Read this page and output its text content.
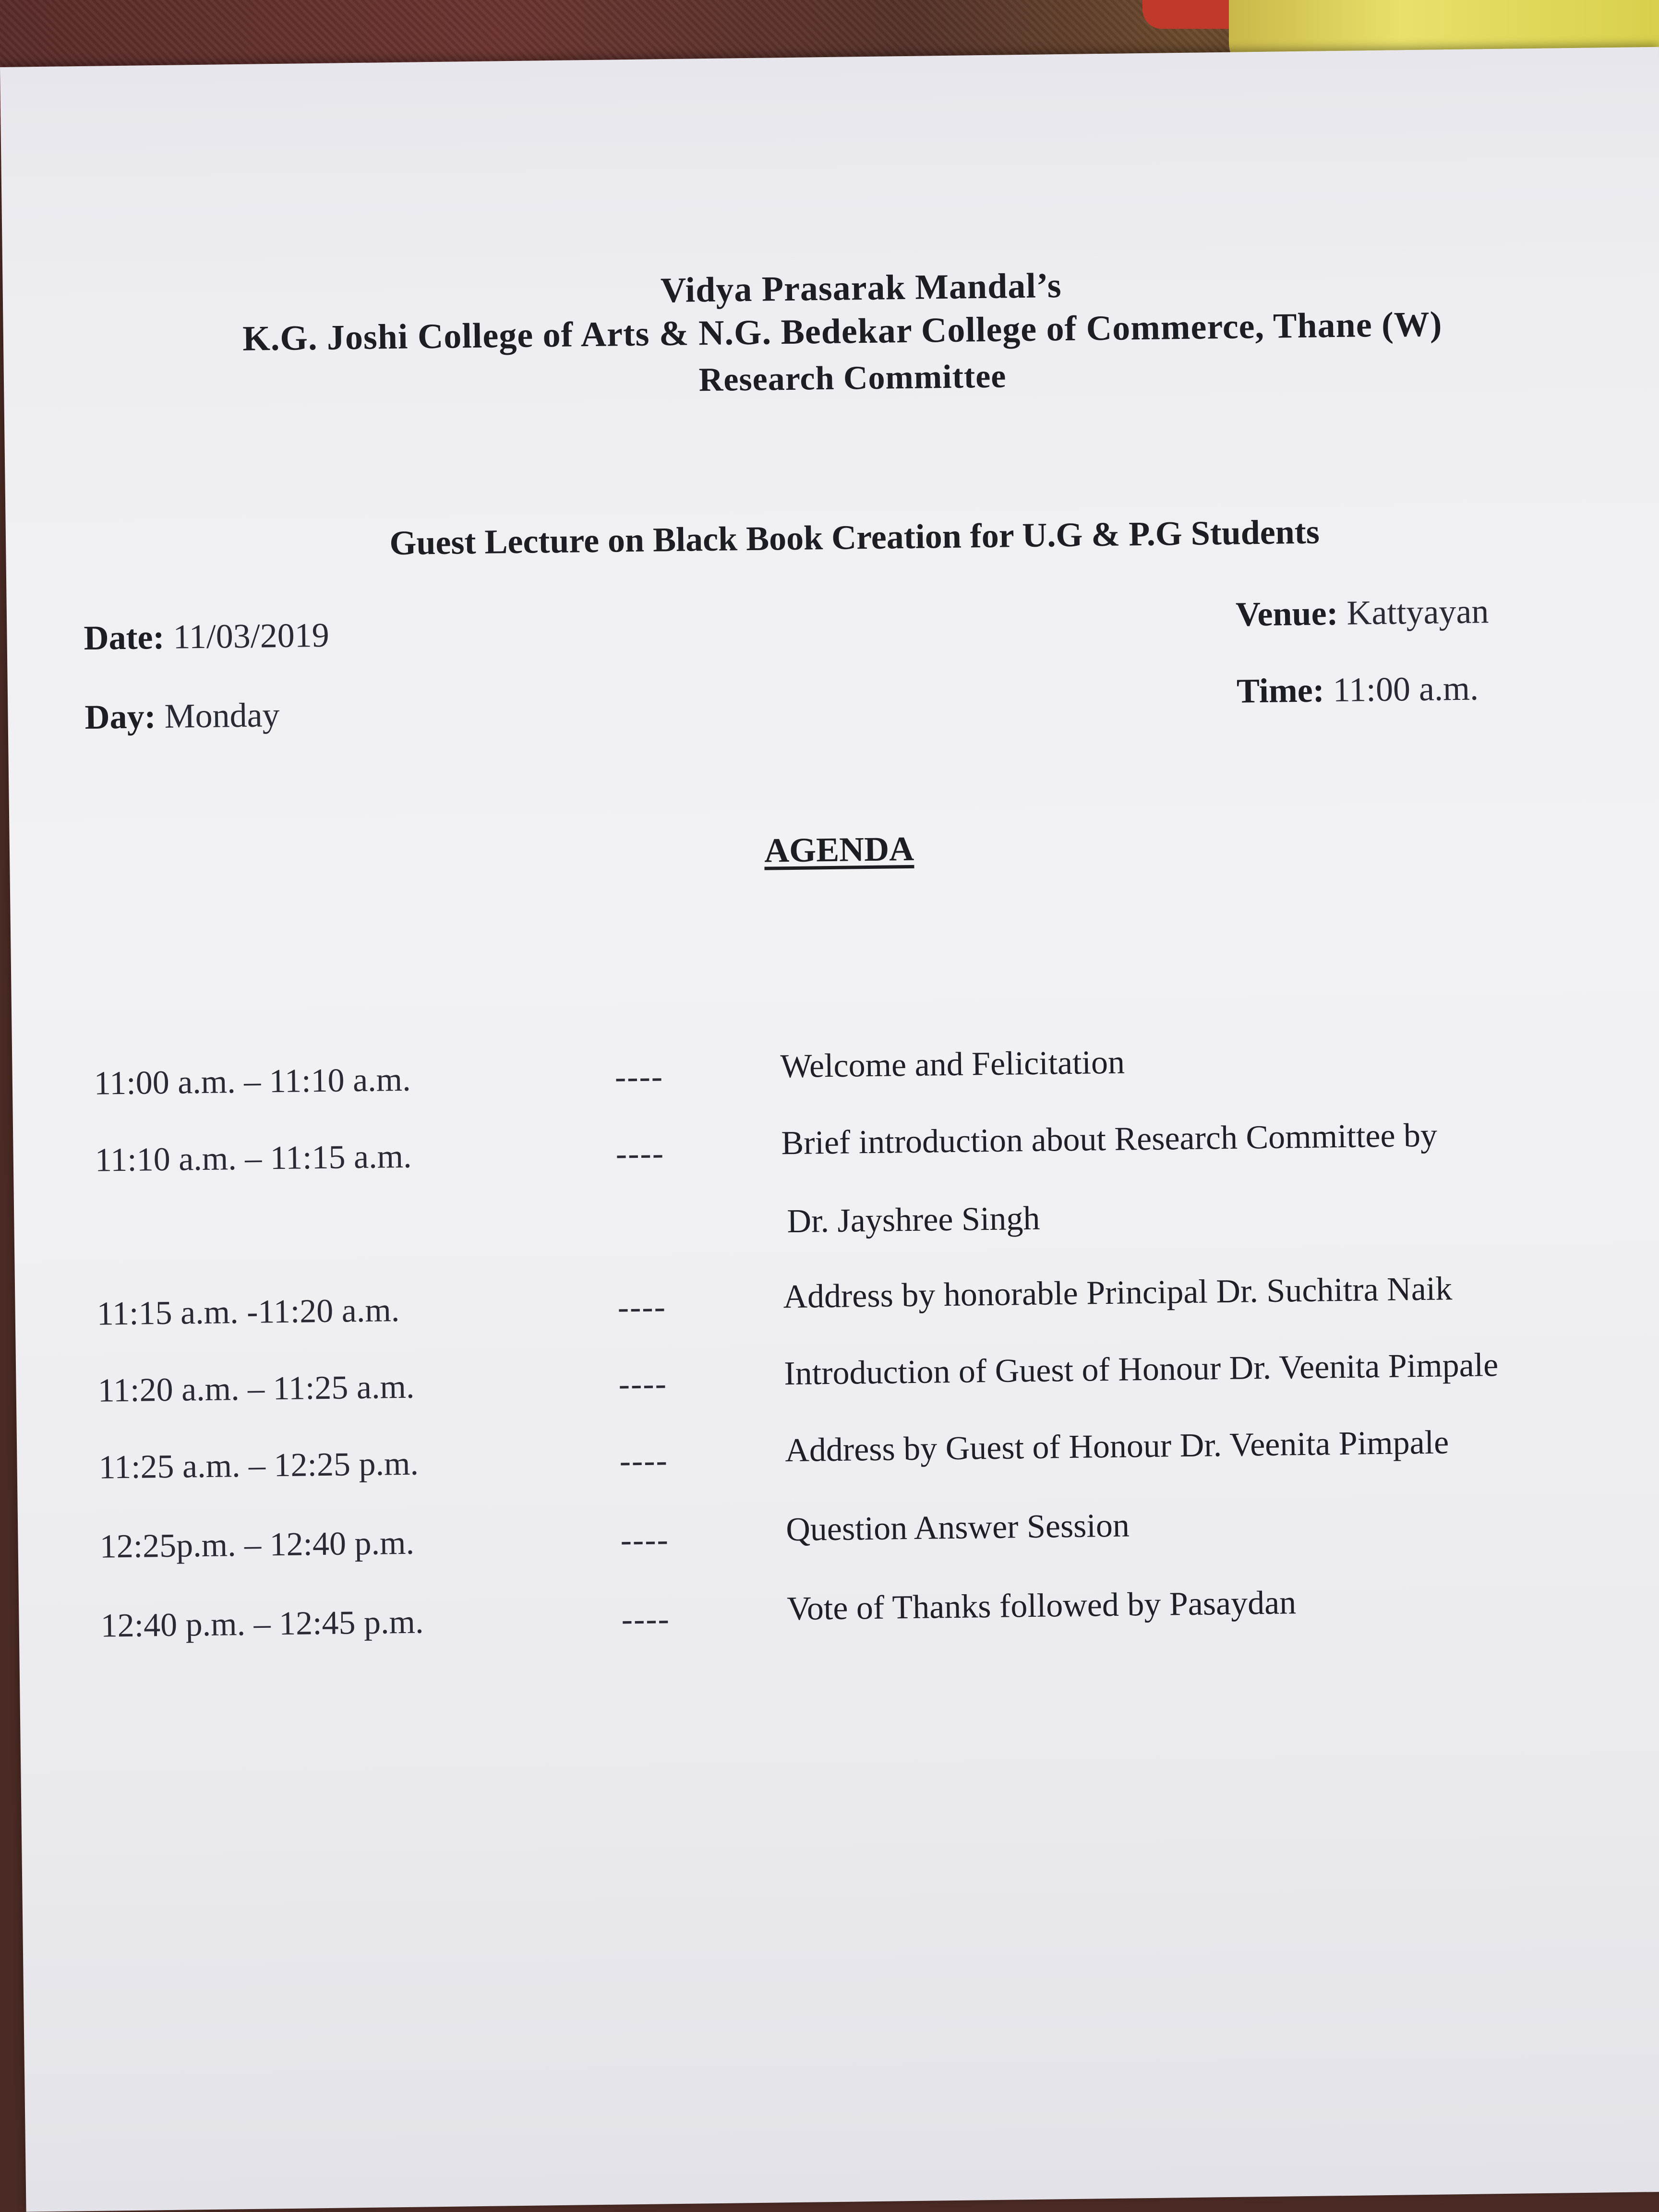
Vidya Prasarak Mandal’s
K.G. Joshi College of Arts & N.G. Bedekar College of Commerce, Thane (W)
Research Committee
Guest Lecture on Black Book Creation for U.G & P.G Students
Date: 11/03/2019
Day: Monday
Venue: Kattyayan
Time: 11:00 a.m.
AGENDA
11:00 a.m. – 11:10 a.m.	----	Welcome and Felicitation
11:10 a.m. – 11:15 a.m.	----	Brief introduction about Research Committee by
Dr. Jayshree Singh
11:15 a.m. -11:20 a.m.	----	Address by honorable Principal Dr. Suchitra Naik
11:20 a.m. – 11:25 a.m.	----	Introduction of Guest of Honour Dr. Veenita Pimpale
11:25 a.m. – 12:25 p.m.	----	Address by Guest of Honour Dr. Veenita Pimpale
12:25p.m. – 12:40 p.m.	----	Question Answer Session
12:40 p.m. – 12:45 p.m.	----	Vote of Thanks followed by Pasaydan
